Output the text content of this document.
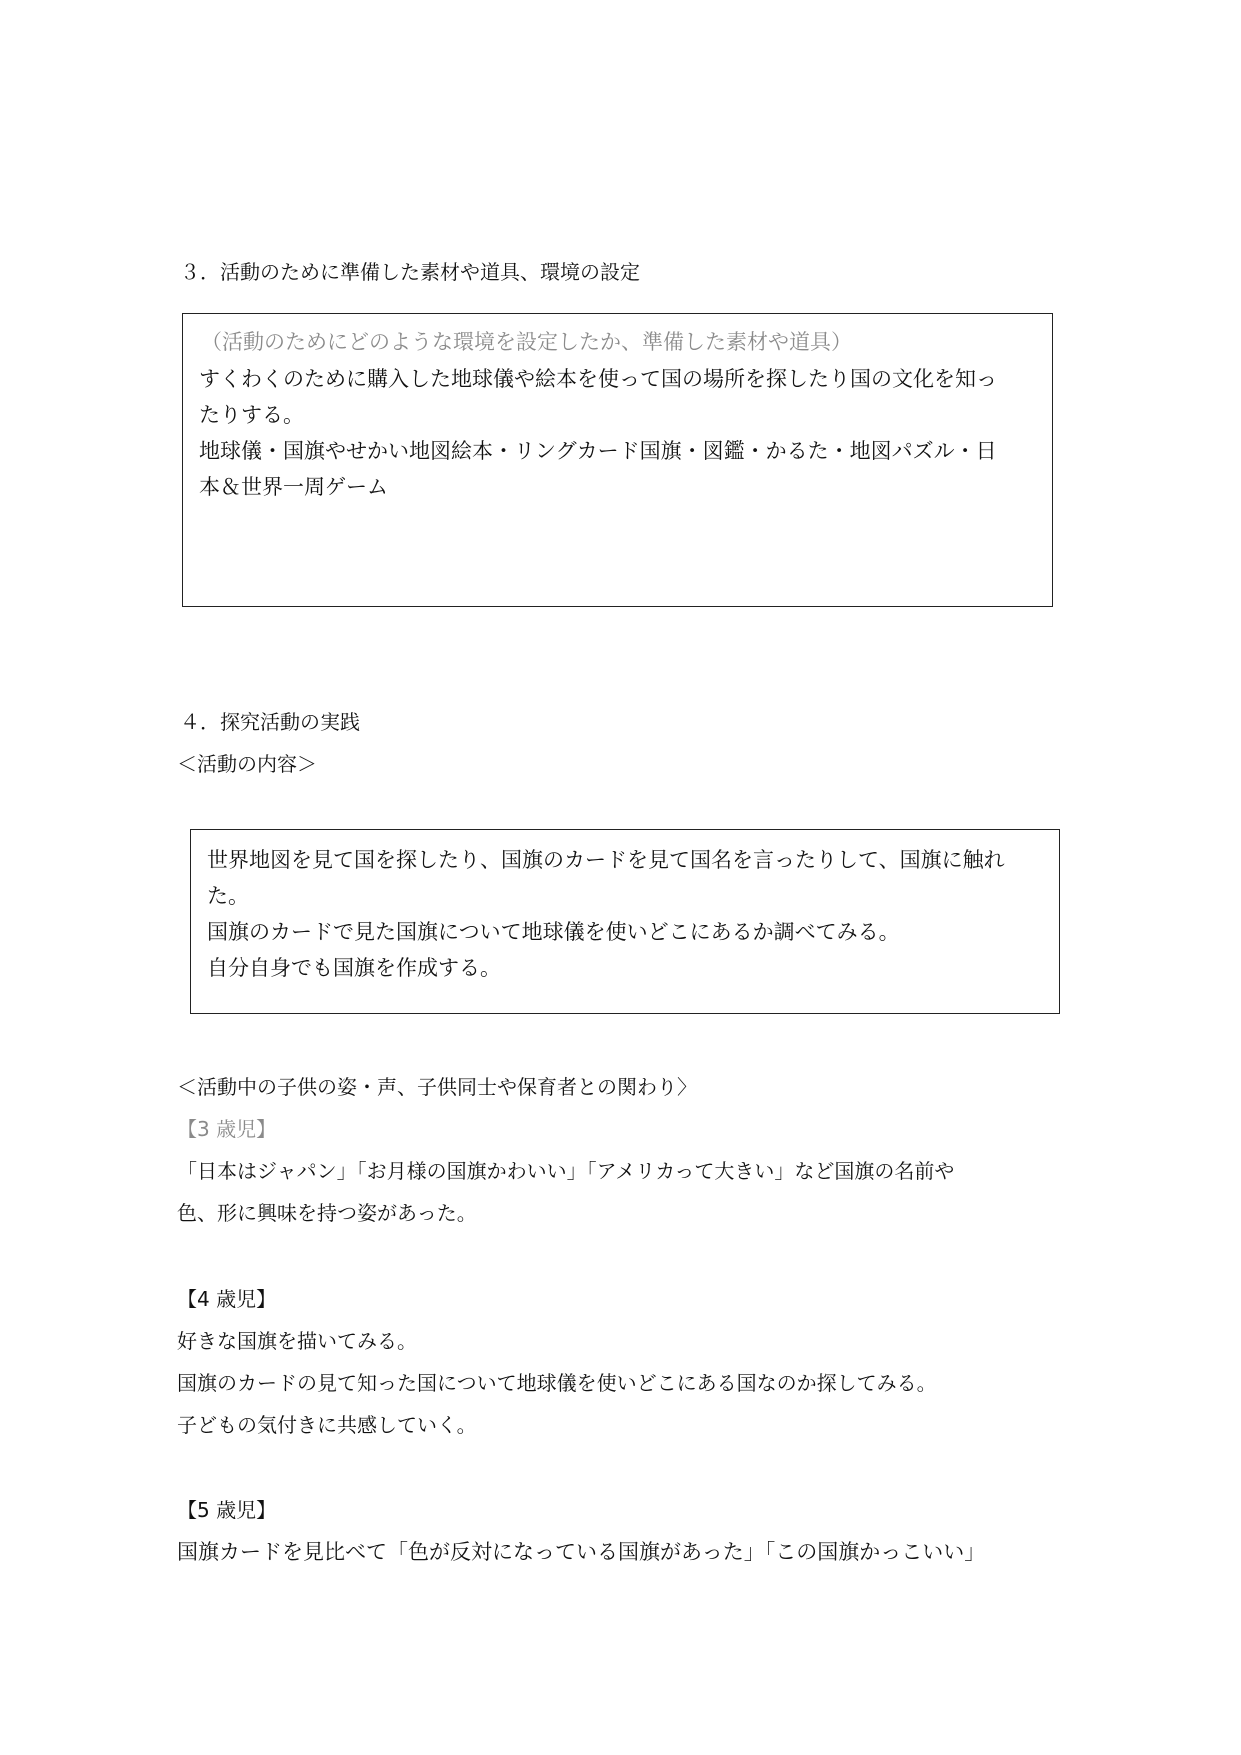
３．活動のために準備した素材や道具、環境の設定
（活動のためにどのような環境を設定したか、準備した素材や道具）
すくわくのために購入した地球儀や絵本を使って国の場所を探したり国の文化を知っ
たりする。
地球儀・国旗やせかい地図絵本・リングカード国旗・図鑑・かるた・地図パズル・日
本＆世界一周ゲーム
４．探究活動の実践
＜活動の内容＞
世界地図を見て国を探したり、国旗のカードを見て国名を言ったりして、国旗に触れ
た。
国旗のカードで見た国旗について地球儀を使いどこにあるか調べてみる。
自分自身でも国旗を作成する。
＜活動中の子供の姿・声、子供同士や保育者との関わり〉
【3 歳児】
「日本はジャパン」「お月様の国旗かわいい」「アメリカって大きい」など国旗の名前や
色、形に興味を持つ姿があった。
【4 歳児】
好きな国旗を描いてみる。
国旗のカードの見て知った国について地球儀を使いどこにある国なのか探してみる。
子どもの気付きに共感していく。
【5 歳児】
国旗カードを見比べて「色が反対になっている国旗があった」「この国旗かっこいい」
